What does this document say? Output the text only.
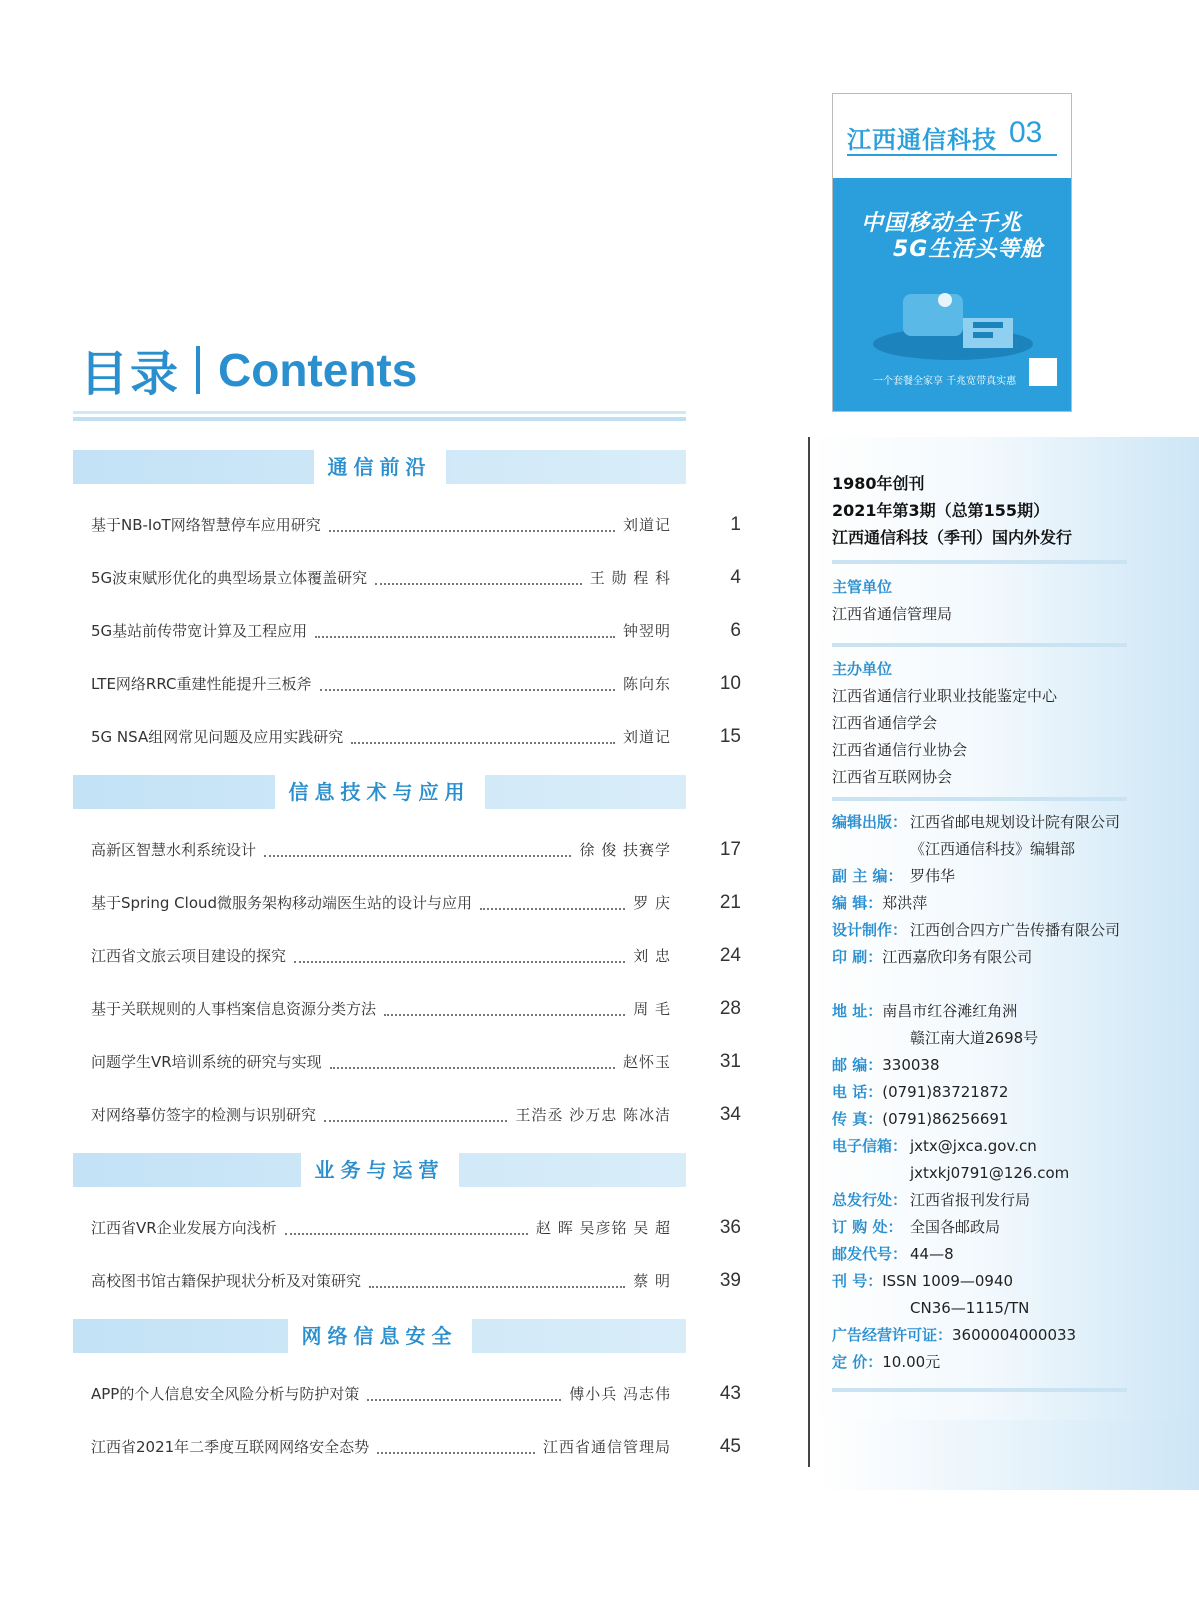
目录 Contents
江西通信科技 03
中国移动全千兆
5G生活头等舱
一个套餐全家享 千兆宽带真实惠
通信前沿
基于NB-IoT网络智慧停车应用研究	刘道记	1
5G波束赋形优化的典型场景立体覆盖研究	王 勋 程 科	4
5G基站前传带宽计算及工程应用	钟翌明	6
LTE网络RRC重建性能提升三板斧	陈向东	10
5G NSA组网常见问题及应用实践研究	刘道记	15
信息技术与应用
高新区智慧水利系统设计	徐 俊 扶赛学	17
基于Spring Cloud微服务架构移动端医生站的设计与应用	罗 庆	21
江西省文旅云项目建设的探究	刘 忠	24
基于关联规则的人事档案信息资源分类方法	周 毛	28
问题学生VR培训系统的研究与实现	赵怀玉	31
对网络摹仿签字的检测与识别研究	王浩丞 沙万忠 陈冰洁	34
业务与运营
江西省VR企业发展方向浅析	赵 晖 吴彦铭 吴 超	36
高校图书馆古籍保护现状分析及对策研究	蔡 明	39
网络信息安全
APP的个人信息安全风险分析与防护对策	傅小兵 冯志伟	43
江西省2021年二季度互联网网络安全态势	江西省通信管理局	45
1980年创刊
2021年第3期（总第155期）
江西通信科技（季刊）国内外发行
主管单位
江西省通信管理局
主办单位
江西省通信行业职业技能鉴定中心
江西省通信学会
江西省通信行业协会
江西省互联网协会
编辑出版： 江西省邮电规划设计院有限公司
《江西通信科技》编辑部
副 主 编： 罗伟华
编 辑： 郑洪萍
设计制作： 江西创合四方广告传播有限公司
印 刷： 江西嘉欣印务有限公司
地 址： 南昌市红谷滩红角洲
赣江南大道2698号
邮 编： 330038
电 话： (0791)83721872
传 真： (0791)86256691
电子信箱： jxtx@jxca.gov.cn
jxtxkj0791@126.com
总发行处： 江西省报刊发行局
订 购 处： 全国各邮政局
邮发代号： 44—8
刊 号： ISSN 1009—0940
CN36—1115/TN
广告经营许可证： 3600004000033
定 价： 10.00元
